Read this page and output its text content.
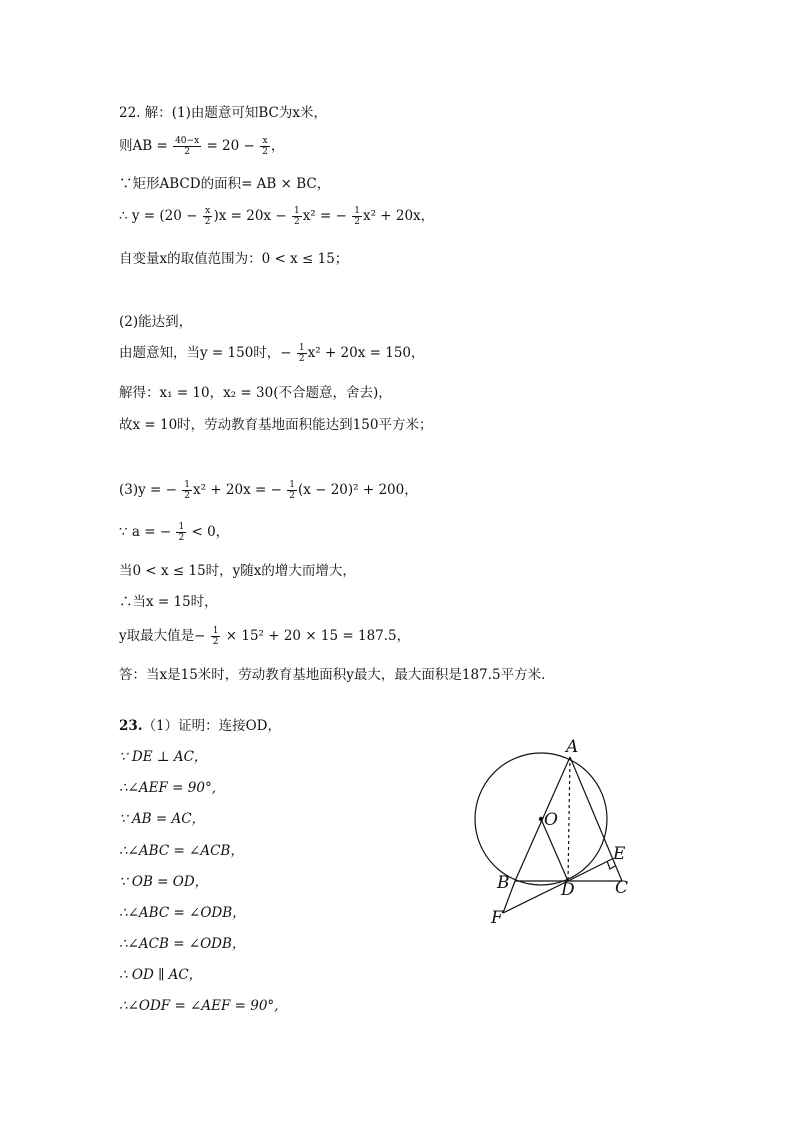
22. 解：(1)由题意可知BC为x米，
则AB = $\frac{40-x}{2} = 20 - \frac{x}{2}$ ，
∵矩形ABCD的面积= AB × BC，
∴ $y = (20 - \frac{x}{2} )x = 20x - \frac{1}{2} x^2$ = − $\frac{1}{2} x^2 + 20x$，
自变量x的取值范围为：0 < x ≤ 15；
(2)能达到，
由题意知，当y = 150时，− $\frac{1}{2} x^2 + 20x = 150$，
解得：x₁ = 10，x₂ = 30(不合题意，舍去)，
故x = 10时，劳动教育基地面积能达到150平方米；
(3)y = − $\frac{1}{2} x^2 + 20x$ = − $\frac{1}{2} (x - 20)^2 + 200$，
∵ a = − $\frac{1}{2} < 0$，
当0 < x ≤ 15时，y随x的增大而增大，
∴当x = 15时，
y取最大值是− $\frac{1}{2} \times 15^2 + 20 \times 15 = 187.5$，
答：当x是15米时，劳动教育基地面积y最大，最大面积是187.5平方米.
23.（1）证明：连接OD，
∵ DE ⊥ AC，
∴∠AEF = 90°,
∵ AB = AC，
∴∠ABC = ∠ACB，
∵ OB = OD，
∴∠ABC = ∠ODB，
∴∠ACB = ∠ODB，
∴ OD ∥ AC，
∴∠ODF = ∠AEF = 90°,
A
O
E
B	D C
F
